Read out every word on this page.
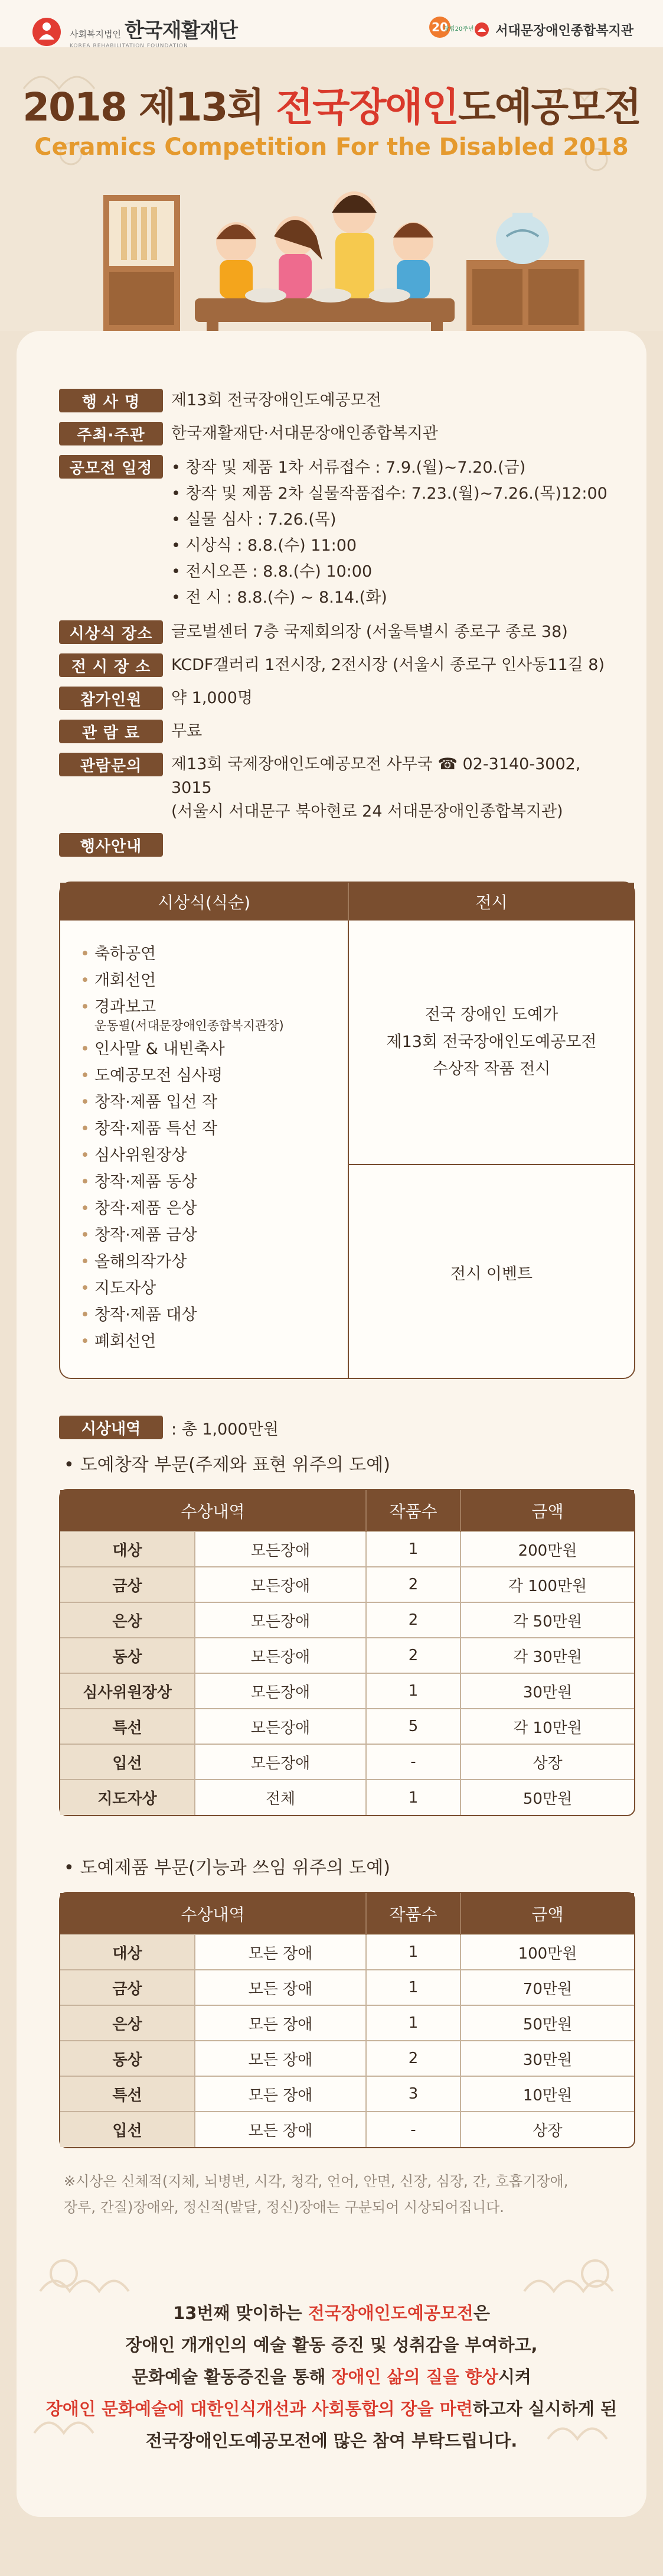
사회복지법인 한국재활재단
KOREA REHABILITATION FOUNDATION
20
창립20주년 서대문장애인종합복지관
2018 제13회 전국장애인도예공모전
Ceramics Competition For the Disabled 2018
행 사 명	제13회 전국장애인도예공모전
주최·주관	한국재활재단·서대문장애인종합복지관
공모전 일정	• 창작 및 제품 1차 서류접수 : 7.9.(월)~7.20.(금)
• 창작 및 제품 2차 실물작품접수: 7.23.(월)~7.26.(목)12:00
• 실물 심사 : 7.26.(목)
• 시상식 : 8.8.(수) 11:00
• 전시오픈 : 8.8.(수) 10:00
• 전 시 : 8.8.(수) ~ 8.14.(화)
시상식 장소	글로벌센터 7층 국제회의장 (서울특별시 종로구 종로 38)
전 시 장 소	KCDF갤러리 1전시장, 2전시장 (서울시 종로구 인사동11길 8)
참가인원	약 1,000명
관 람 료	무료
관람문의	제13회 국제장애인도예공모전 사무국 ☎ 02-3140-3002, 3015
(서울시 서대문구 북아현로 24 서대문장애인종합복지관)
행사안내
시상식(식순)	전시
• 축하공연
• 개회선언
• 경과보고
운동필(서대문장애인종합복지관장)
• 인사말 & 내빈축사
• 도예공모전 심사평
• 창작·제품 입선 작
• 창작·제품 특선 작
• 심사위원장상
• 창작·제품 동상
• 창작·제품 은상
• 창작·제품 금상
• 올해의작가상
• 지도자상
• 창작·제품 대상
• 폐회선언
전국 장애인 도예가
제13회 전국장애인도예공모전
수상작 작품 전시
전시 이벤트
시상내역	: 총 1,000만원
• 도예창작 부문(주제와 표현 위주의 도예)
수상내역		작품수	금액
대상	모든장애	1	200만원
금상	모든장애	2	각 100만원
은상	모든장애	2	각 50만원
동상	모든장애	2	각 30만원
심사위원장상	모든장애	1	30만원
특선	모든장애	5	각 10만원
입선	모든장애	-	상장
지도자상	전체	1	50만원
• 도예제품 부문(기능과 쓰임 위주의 도예)
수상내역		작품수	금액
대상	모든 장애	1	100만원
금상	모든 장애	1	70만원
은상	모든 장애	1	50만원
동상	모든 장애	2	30만원
특선	모든 장애	3	10만원
입선	모든 장애	-	상장
※시상은 신체적(지체, 뇌병변, 시각, 청각, 언어, 안면, 신장, 심장, 간, 호흡기장애,
장루, 간질)장애와, 정신적(발달, 정신)장애는 구분되어 시상되어집니다.
13번째 맞이하는 전국장애인도예공모전은
장애인 개개인의 예술 활동 증진 및 성취감을 부여하고,
문화예술 활동증진을 통해 장애인 삶의 질을 향상시켜
장애인 문화예술에 대한인식개선과 사회통합의 장을 마련하고자 실시하게 된
전국장애인도예공모전에 많은 참여 부탁드립니다.
